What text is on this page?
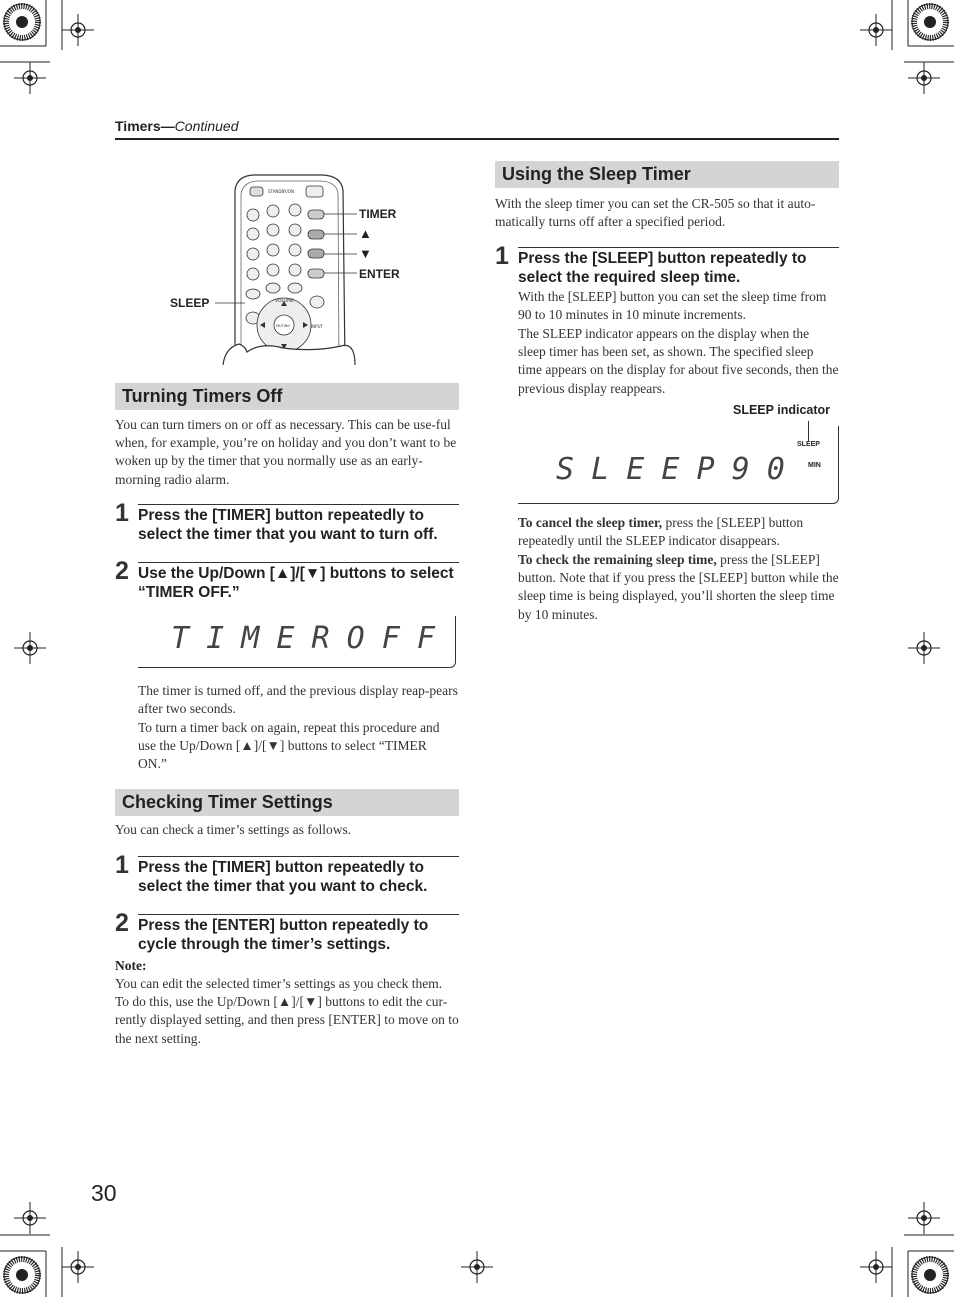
Timers—Continued
STANDBY/ON
VOLUME
MUTING	INPUT
TIMER
▲
▼
ENTER
SLEEP
Turning Timers Off

You can turn timers on or off as necessary. This can be use-ful when, for example, you’re on holiday and you don’t want to be woken up by the timer that you normally use as an early-morning radio alarm.

1 Press the [TIMER] button repeatedly to select the timer that you want to turn off.
2 Use the Up/Down [▲]/[▼] buttons to select “TIMER OFF.”
T I M E R O F F

The timer is turned off, and the previous display reap-pears after two seconds.

To turn a timer back on again, repeat this procedure and use the Up/Down [▲]/[▼] buttons to select “TIMER ON.”

Checking Timer Settings

You can check a timer’s settings as follows.

1 Press the [TIMER] button repeatedly to select the timer that you want to check.
2 Press the [ENTER] button repeatedly to cycle through the timer’s settings.
Note:

You can edit the selected timer’s settings as you check them. To do this, use the Up/Down [▲]/[▼] buttons to edit the cur-rently displayed setting, and then press [ENTER] to move on to the next setting.

Using the Sleep Timer

With the sleep timer you can set the CR-505 so that it auto-matically turns off after a specified period.

1 Press the [SLEEP] button repeatedly to select the required sleep time.

With the [SLEEP] button you can set the sleep time from 90 to 10 minutes in 10 minute increments.

The SLEEP indicator appears on the display when the sleep timer has been set, as shown. The specified sleep time appears on the display for about five seconds, then the previous display reappears.

SLEEP indicator
S L E E P 9 0
SLEEP
MIN

To cancel the sleep timer, press the [SLEEP] button repeatedly until the SLEEP indicator disappears.

To check the remaining sleep time, press the [SLEEP] button. Note that if you press the [SLEEP] button while the sleep time is being displayed, you’ll shorten the sleep time by 10 minutes.

30
